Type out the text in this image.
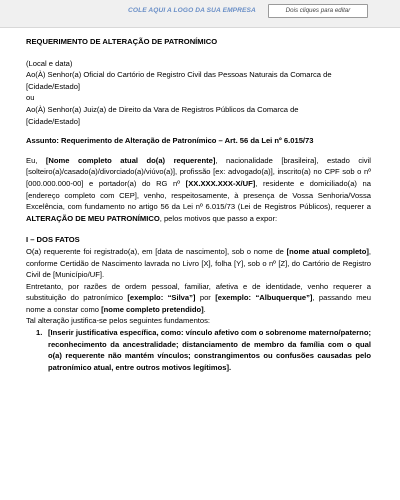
COLE AQUI A LOGO DA SUA EMPRESA	Dois cliques para editar

REQUERIMENTO DE ALTERAÇÃO DE PATRONÍMICO

(Local e data)

Ao(À) Senhor(a) Oficial do Cartório de Registro Civil das Pessoas Naturais da Comarca de

[Cidade/Estado]

ou

Ao(À) Senhor(a) Juiz(a) de Direito da Vara de Registros Públicos da Comarca de

[Cidade/Estado]

Assunto: Requerimento de Alteração de Patronímico – Art. 56 da Lei nº 6.015/73

Eu, [Nome completo atual do(a) requerente], nacionalidade [brasileira], estado civil [solteiro(a)/casado(a)/divorciado(a)/viúvo(a)], profissão [ex: advogado(a)], inscrito(a) no CPF sob o nº [000.000.000-00] e portador(a) do RG nº [XX.XXX.XXX-X/UF], residente e domiciliado(a) na [endereço completo com CEP], venho, respeitosamente, à presença de Vossa Senhoria/Vossa Excelência, com fundamento no artigo 56 da Lei nº 6.015/73 (Lei de Registros Públicos), requerer a ALTERAÇÃO DE MEU PATRONÍMICO, pelos motivos que passo a expor:

I – DOS FATOS

O(a) requerente foi registrado(a), em [data de nascimento], sob o nome de [nome atual completo], conforme Certidão de Nascimento lavrada no Livro [X], folha [Y], sob o nº [Z], do Cartório de Registro Civil de [Município/UF].

Entretanto, por razões de ordem pessoal, familiar, afetiva e de identidade, venho requerer a substituição do patronímico [exemplo: “Silva”] por [exemplo: “Albuquerque”], passando meu nome a constar como [nome completo pretendido].

Tal alteração justifica-se pelos seguintes fundamentos:

1. [Inserir justificativa específica, como: vínculo afetivo com o sobrenome materno/paterno; reconhecimento da ancestralidade; distanciamento de membro da família com o qual o(a) requerente não mantém vínculos; constrangimentos ou confusões causadas pelo patronímico atual, entre outros motivos legítimos].
